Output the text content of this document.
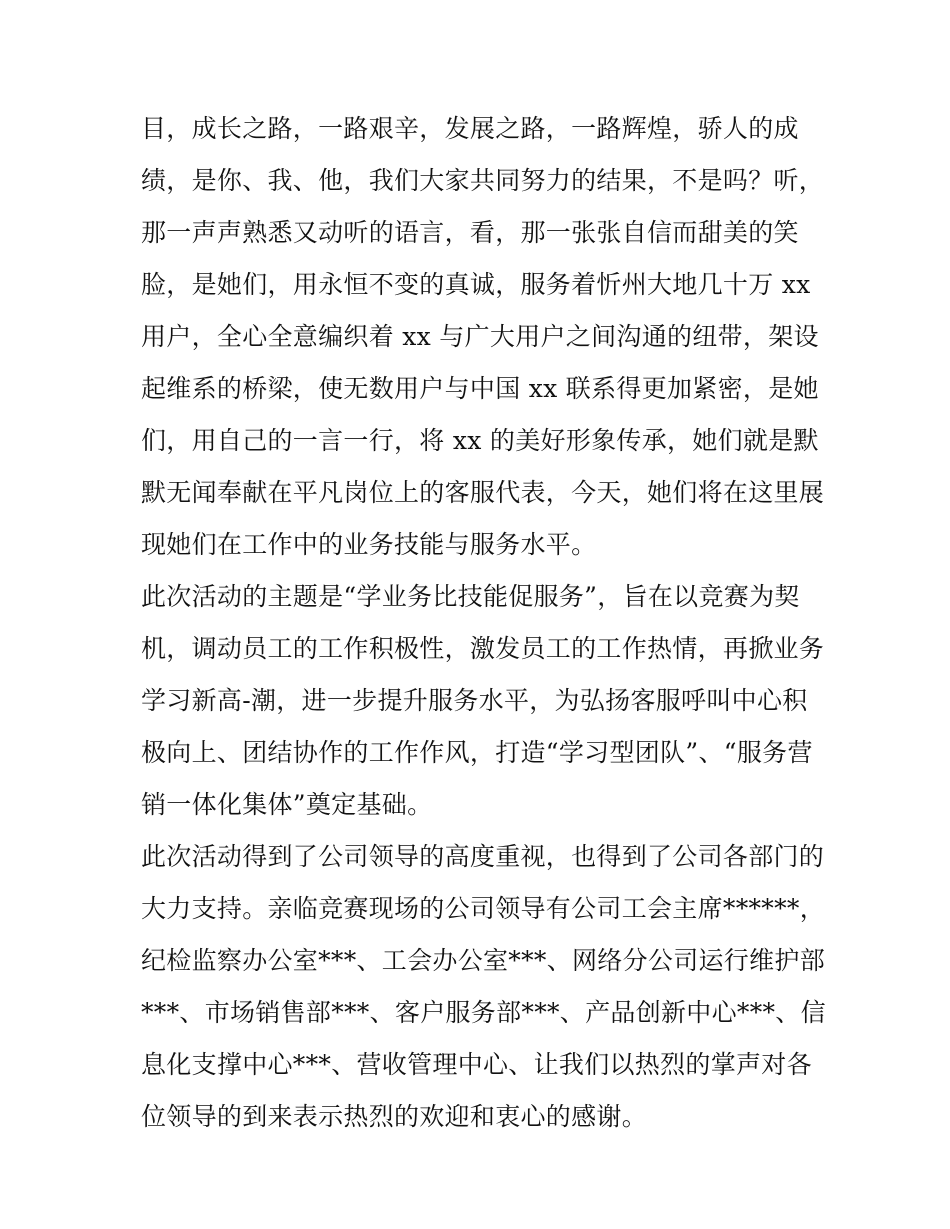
目，成长之路，一路艰辛，发展之路，一路辉煌，骄人的成

绩，是你、我、他，我们大家共同努力的结果，不是吗？听，

那一声声熟悉又动听的语言，看，那一张张自信而甜美的笑

脸，是她们，用永恒不变的真诚，服务着忻州大地几十万 xx

用户，全心全意编织着 xx 与广大用户之间沟通的纽带，架设

起维系的桥梁，使无数用户与中国 xx 联系得更加紧密，是她

们，用自己的一言一行，将 xx 的美好形象传承，她们就是默

默无闻奉献在平凡岗位上的客服代表，今天，她们将在这里展

现她们在工作中的业务技能与服务水平。

此次活动的主题是“学业务比技能促服务”，旨在以竞赛为契

机，调动员工的工作积极性，激发员工的工作热情，再掀业务

学习新高-潮，进一步提升服务水平，为弘扬客服呼叫中心积

极向上、团结协作的工作作风，打造“学习型团队”、“服务营

销一体化集体”奠定基础。

此次活动得到了公司领导的高度重视，也得到了公司各部门的

大力支持。亲临竞赛现场的公司领导有公司工会主席******，

纪检监察办公室***、工会办公室***、网络分公司运行维护部

***、市场销售部***、客户服务部***、产品创新中心***、信

息化支撑中心***、营收管理中心、让我们以热烈的掌声对各

位领导的到来表示热烈的欢迎和衷心的感谢。
